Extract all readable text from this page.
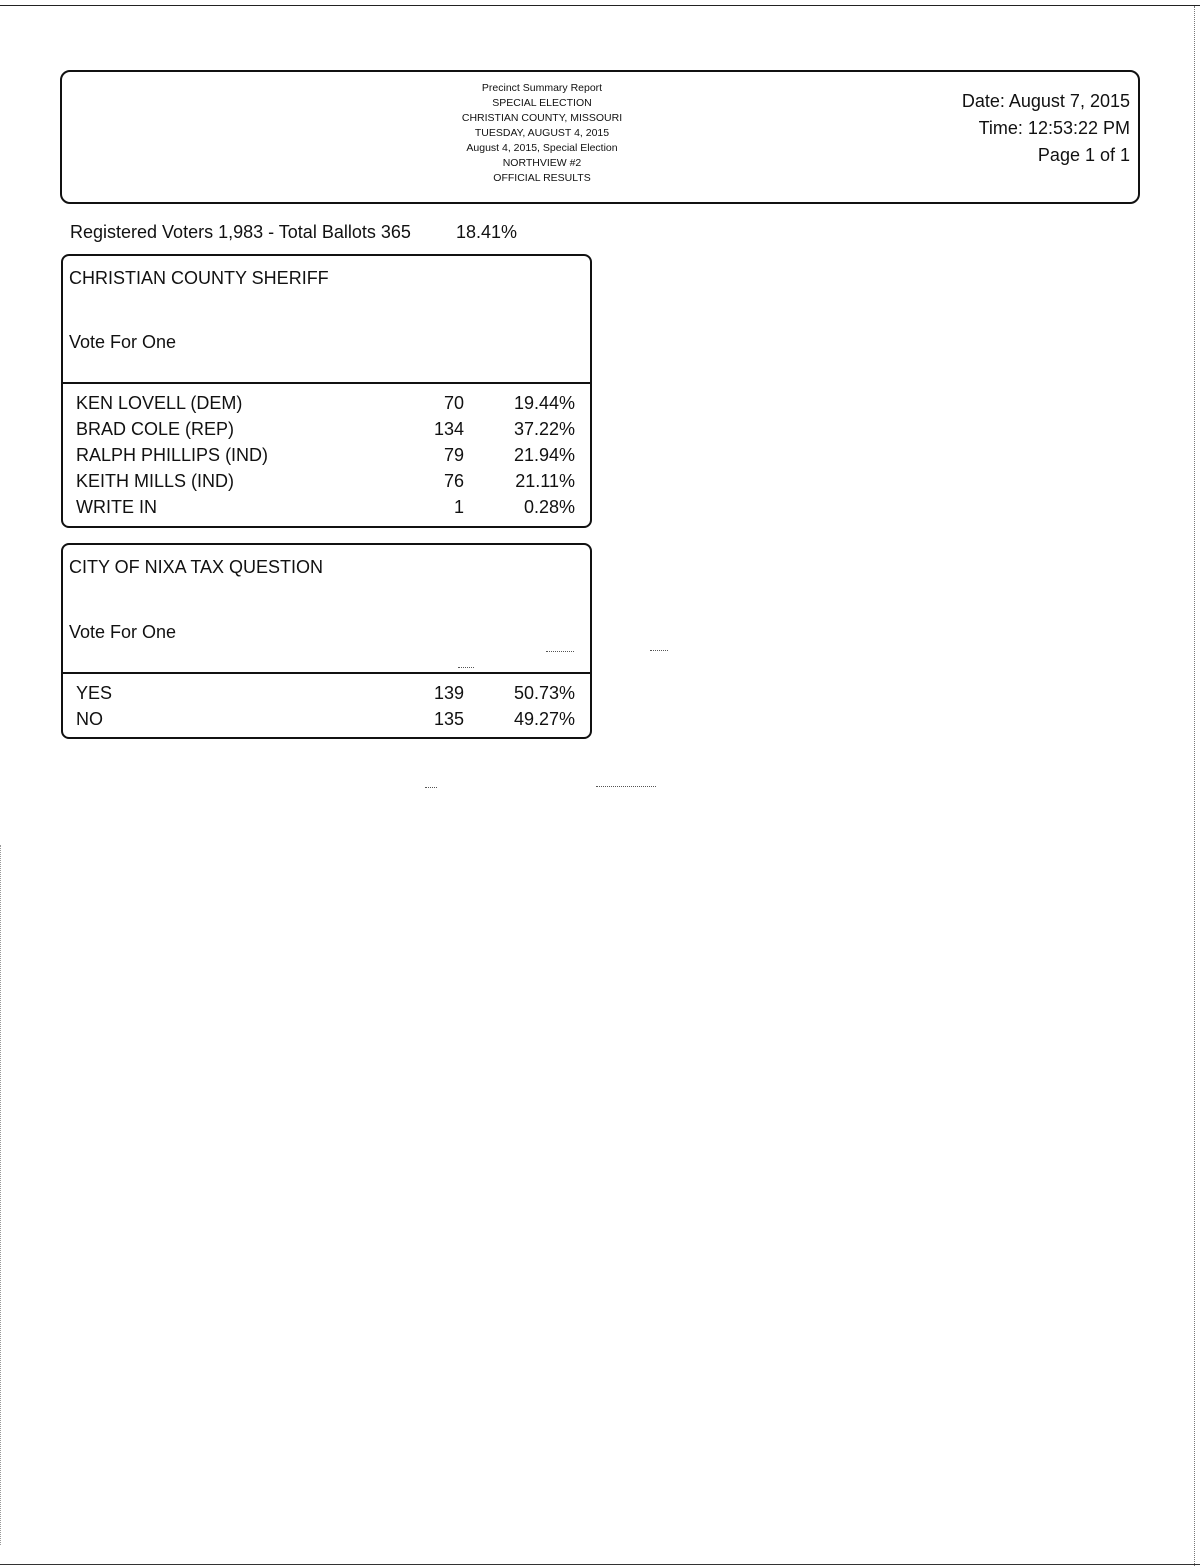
Precinct Summary Report
SPECIAL ELECTION
CHRISTIAN COUNTY, MISSOURI
TUESDAY, AUGUST 4, 2015
August 4, 2015, Special Election
NORTHVIEW #2
OFFICIAL RESULTS
Date: August 7, 2015
Time: 12:53:22 PM
Page 1 of 1
Registered Voters 1,983 - Total Ballots 365	18.41%
CHRISTIAN COUNTY SHERIFF
Vote For One
KEN LOVELL (DEM)	70	19.44%
BRAD COLE (REP)	134	37.22%
RALPH PHILLIPS (IND)	79	21.94%
KEITH MILLS (IND)	76	21.11%
WRITE IN	1	0.28%
CITY OF NIXA TAX QUESTION
Vote For One
YES	139	50.73%
NO	135	49.27%
